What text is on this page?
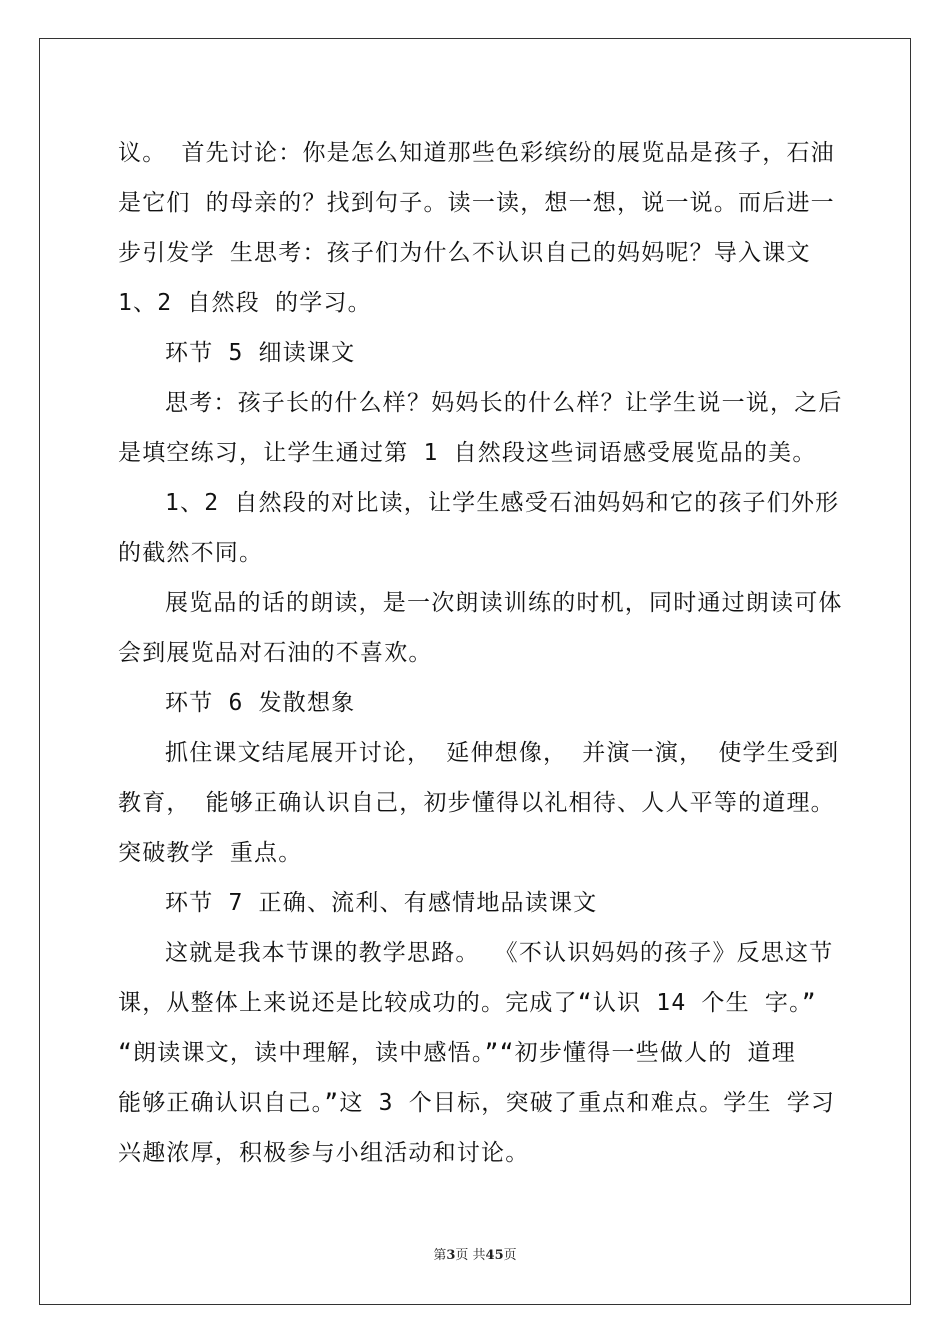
议。 首先讨论：你是怎么知道那些色彩缤纷的展览品是孩子，石油
是它们 的母亲的？找到句子。读一读，想一想，说一说。而后进一
步引发学 生思考：孩子们为什么不认识自己的妈妈呢？导入课文
1、2 自然段 的学习。
环节 5 细读课文
思考：孩子长的什么样？妈妈长的什么样？让学生说一说，之后
是填空练习，让学生通过第 1 自然段这些词语感受展览品的美。
1、2 自然段的对比读，让学生感受石油妈妈和它的孩子们外形
的截然不同。
展览品的话的朗读，是一次朗读训练的时机，同时通过朗读可体
会到展览品对石油的不喜欢。
环节 6 发散想象
抓住课文结尾展开讨论， 延伸想像， 并演一演， 使学生受到
教育， 能够正确认识自己，初步懂得以礼相待、人人平等的道理。
突破教学 重点。
环节 7 正确、流利、有感情地品读课文
这就是我本节课的教学思路。 《不认识妈妈的孩子》反思这节
课，从整体上来说还是比较成功的。完成了“认识 14 个生 字。”
“朗读课文，读中理解，读中感悟。”“初步懂得一些做人的 道理
能够正确认识自己。”这 3 个目标，突破了重点和难点。学生 学习
兴趣浓厚，积极参与小组活动和讨论。
第3页 共45页
